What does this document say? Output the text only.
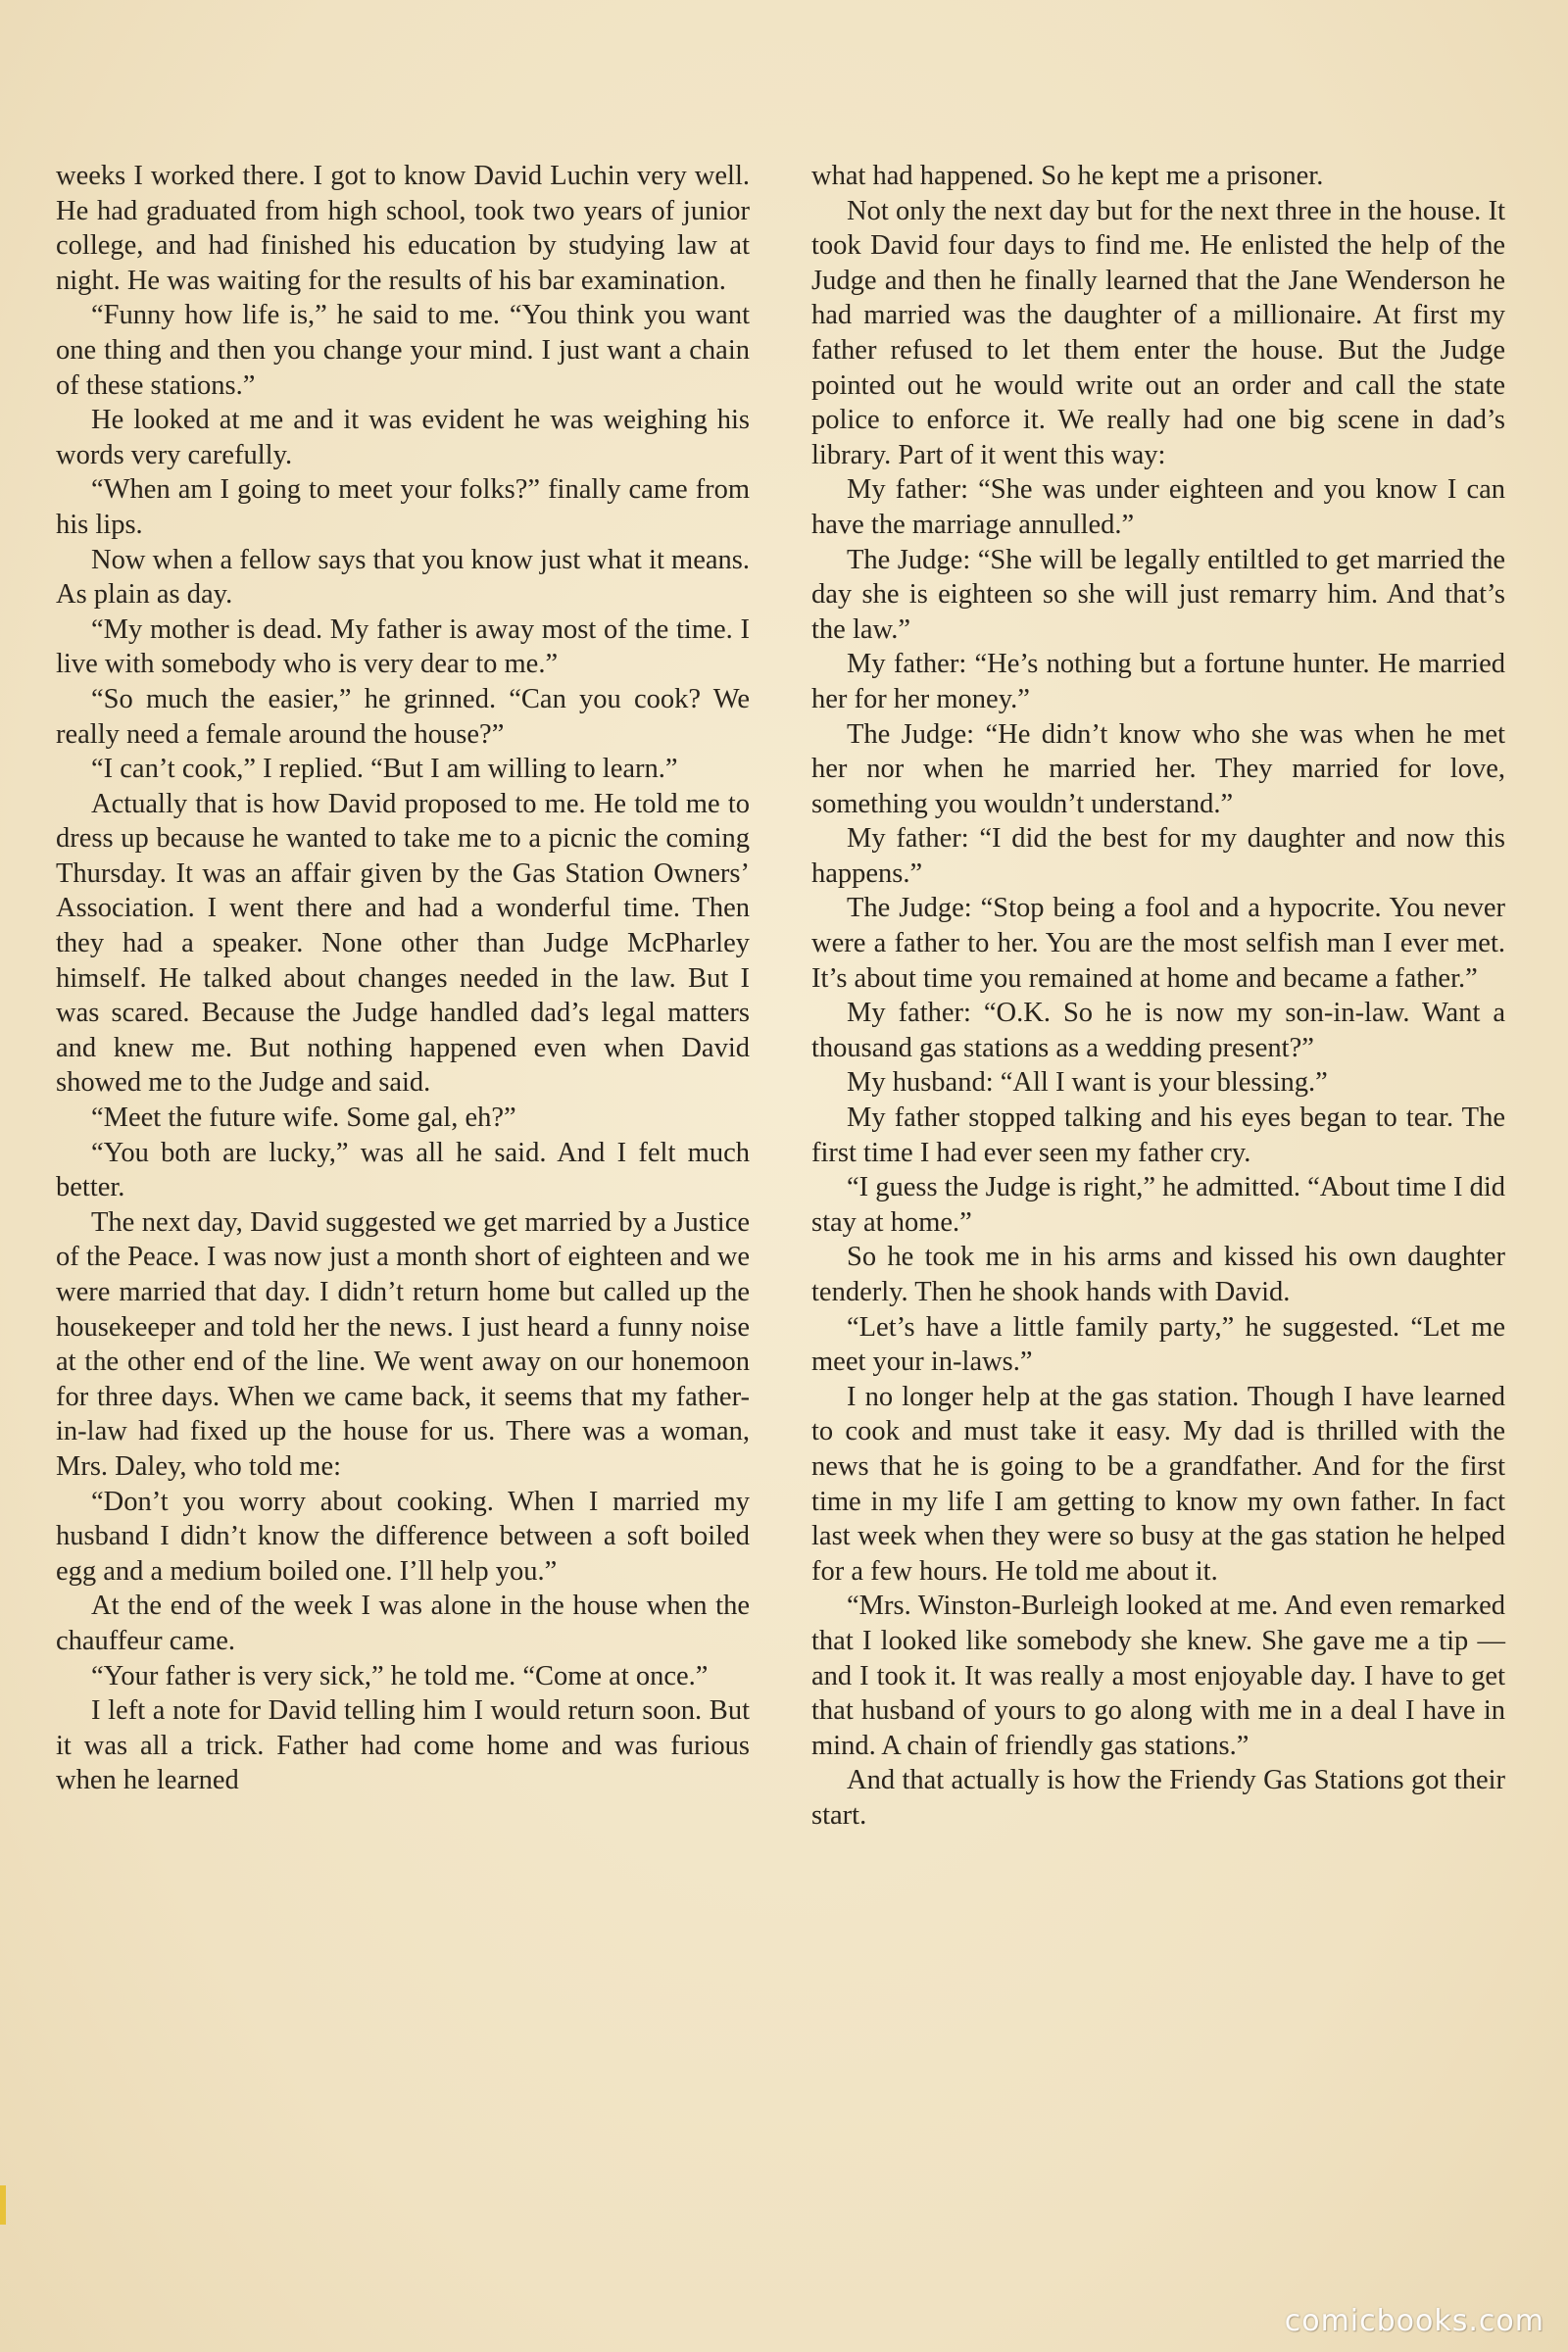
weeks I worked there. I got to know David Luchin very well. He had graduated from high school, took two years of junior college, and had finished his education by studying law at night. He was waiting for the results of his bar examination.

“Funny how life is,” he said to me. “You think you want one thing and then you change your mind. I just want a chain of these stations.”

He looked at me and it was evident he was weighing his words very carefully.

“When am I going to meet your folks?” finally came from his lips.

Now when a fellow says that you know just what it means. As plain as day.

“My mother is dead. My father is away most of the time. I live with somebody who is very dear to me.”

“So much the easier,” he grinned. “Can you cook? We really need a female around the house?”

“I can’t cook,” I replied. “But I am willing to learn.”

Actually that is how David proposed to me. He told me to dress up because he wanted to take me to a picnic the coming Thursday. It was an affair given by the Gas Station Owners’ Association. I went there and had a wonderful time. Then they had a speaker. None other than Judge McPharley himself. He talked about changes needed in the law. But I was scared. Because the Judge handled dad’s legal matters and knew me. But nothing happened even when David showed me to the Judge and said.

“Meet the future wife. Some gal, eh?”

“You both are lucky,” was all he said. And I felt much better.

The next day, David suggested we get married by a Justice of the Peace. I was now just a month short of eighteen and we were married that day. I didn’t return home but called up the housekeeper and told her the news. I just heard a funny noise at the other end of the line. We went away on our honemoon for three days. When we came back, it seems that my father-in-law had fixed up the house for us. There was a woman, Mrs. Daley, who told me:

“Don’t you worry about cooking. When I married my husband I didn’t know the difference between a soft boiled egg and a medium boiled one. I’ll help you.”

At the end of the week I was alone in the house when the chauffeur came.

“Your father is very sick,” he told me. “Come at once.”

I left a note for David telling him I would return soon. But it was all a trick. Father had come home and was furious when he learned

what had happened. So he kept me a prisoner.

Not only the next day but for the next three in the house. It took David four days to find me. He enlisted the help of the Judge and then he finally learned that the Jane Wenderson he had married was the daughter of a millionaire. At first my father refused to let them enter the house. But the Judge pointed out he would write out an order and call the state police to enforce it. We really had one big scene in dad’s library. Part of it went this way:

My father: “She was under eighteen and you know I can have the marriage annulled.”

The Judge: “She will be legally entiltled to get married the day she is eighteen so she will just remarry him. And that’s the law.”

My father: “He’s nothing but a fortune hunter. He married her for her money.”

The Judge: “He didn’t know who she was when he met her nor when he married her. They married for love, something you wouldn’t understand.”

My father: “I did the best for my daughter and now this happens.”

The Judge: “Stop being a fool and a hypocrite. You never were a father to her. You are the most selfish man I ever met. It’s about time you remained at home and became a father.”

My father: “O.K. So he is now my son-in-law. Want a thousand gas stations as a wedding present?”

My husband: “All I want is your blessing.”

My father stopped talking and his eyes began to tear. The first time I had ever seen my father cry.

“I guess the Judge is right,” he admitted. “About time I did stay at home.”

So he took me in his arms and kissed his own daughter tenderly. Then he shook hands with David.

“Let’s have a little family party,” he suggested. “Let me meet your in-laws.”

I no longer help at the gas station. Though I have learned to cook and must take it easy. My dad is thrilled with the news that he is going to be a grandfather. And for the first time in my life I am getting to know my own father. In fact last week when they were so busy at the gas station he helped for a few hours. He told me about it.

“Mrs. Winston-Burleigh looked at me. And even remarked that I looked like somebody she knew. She gave me a tip — and I took it. It was really a most enjoyable day. I have to get that husband of yours to go along with me in a deal I have in mind. A chain of friendly gas stations.”

And that actually is how the Friendy Gas Stations got their start.

comicbooks.com
